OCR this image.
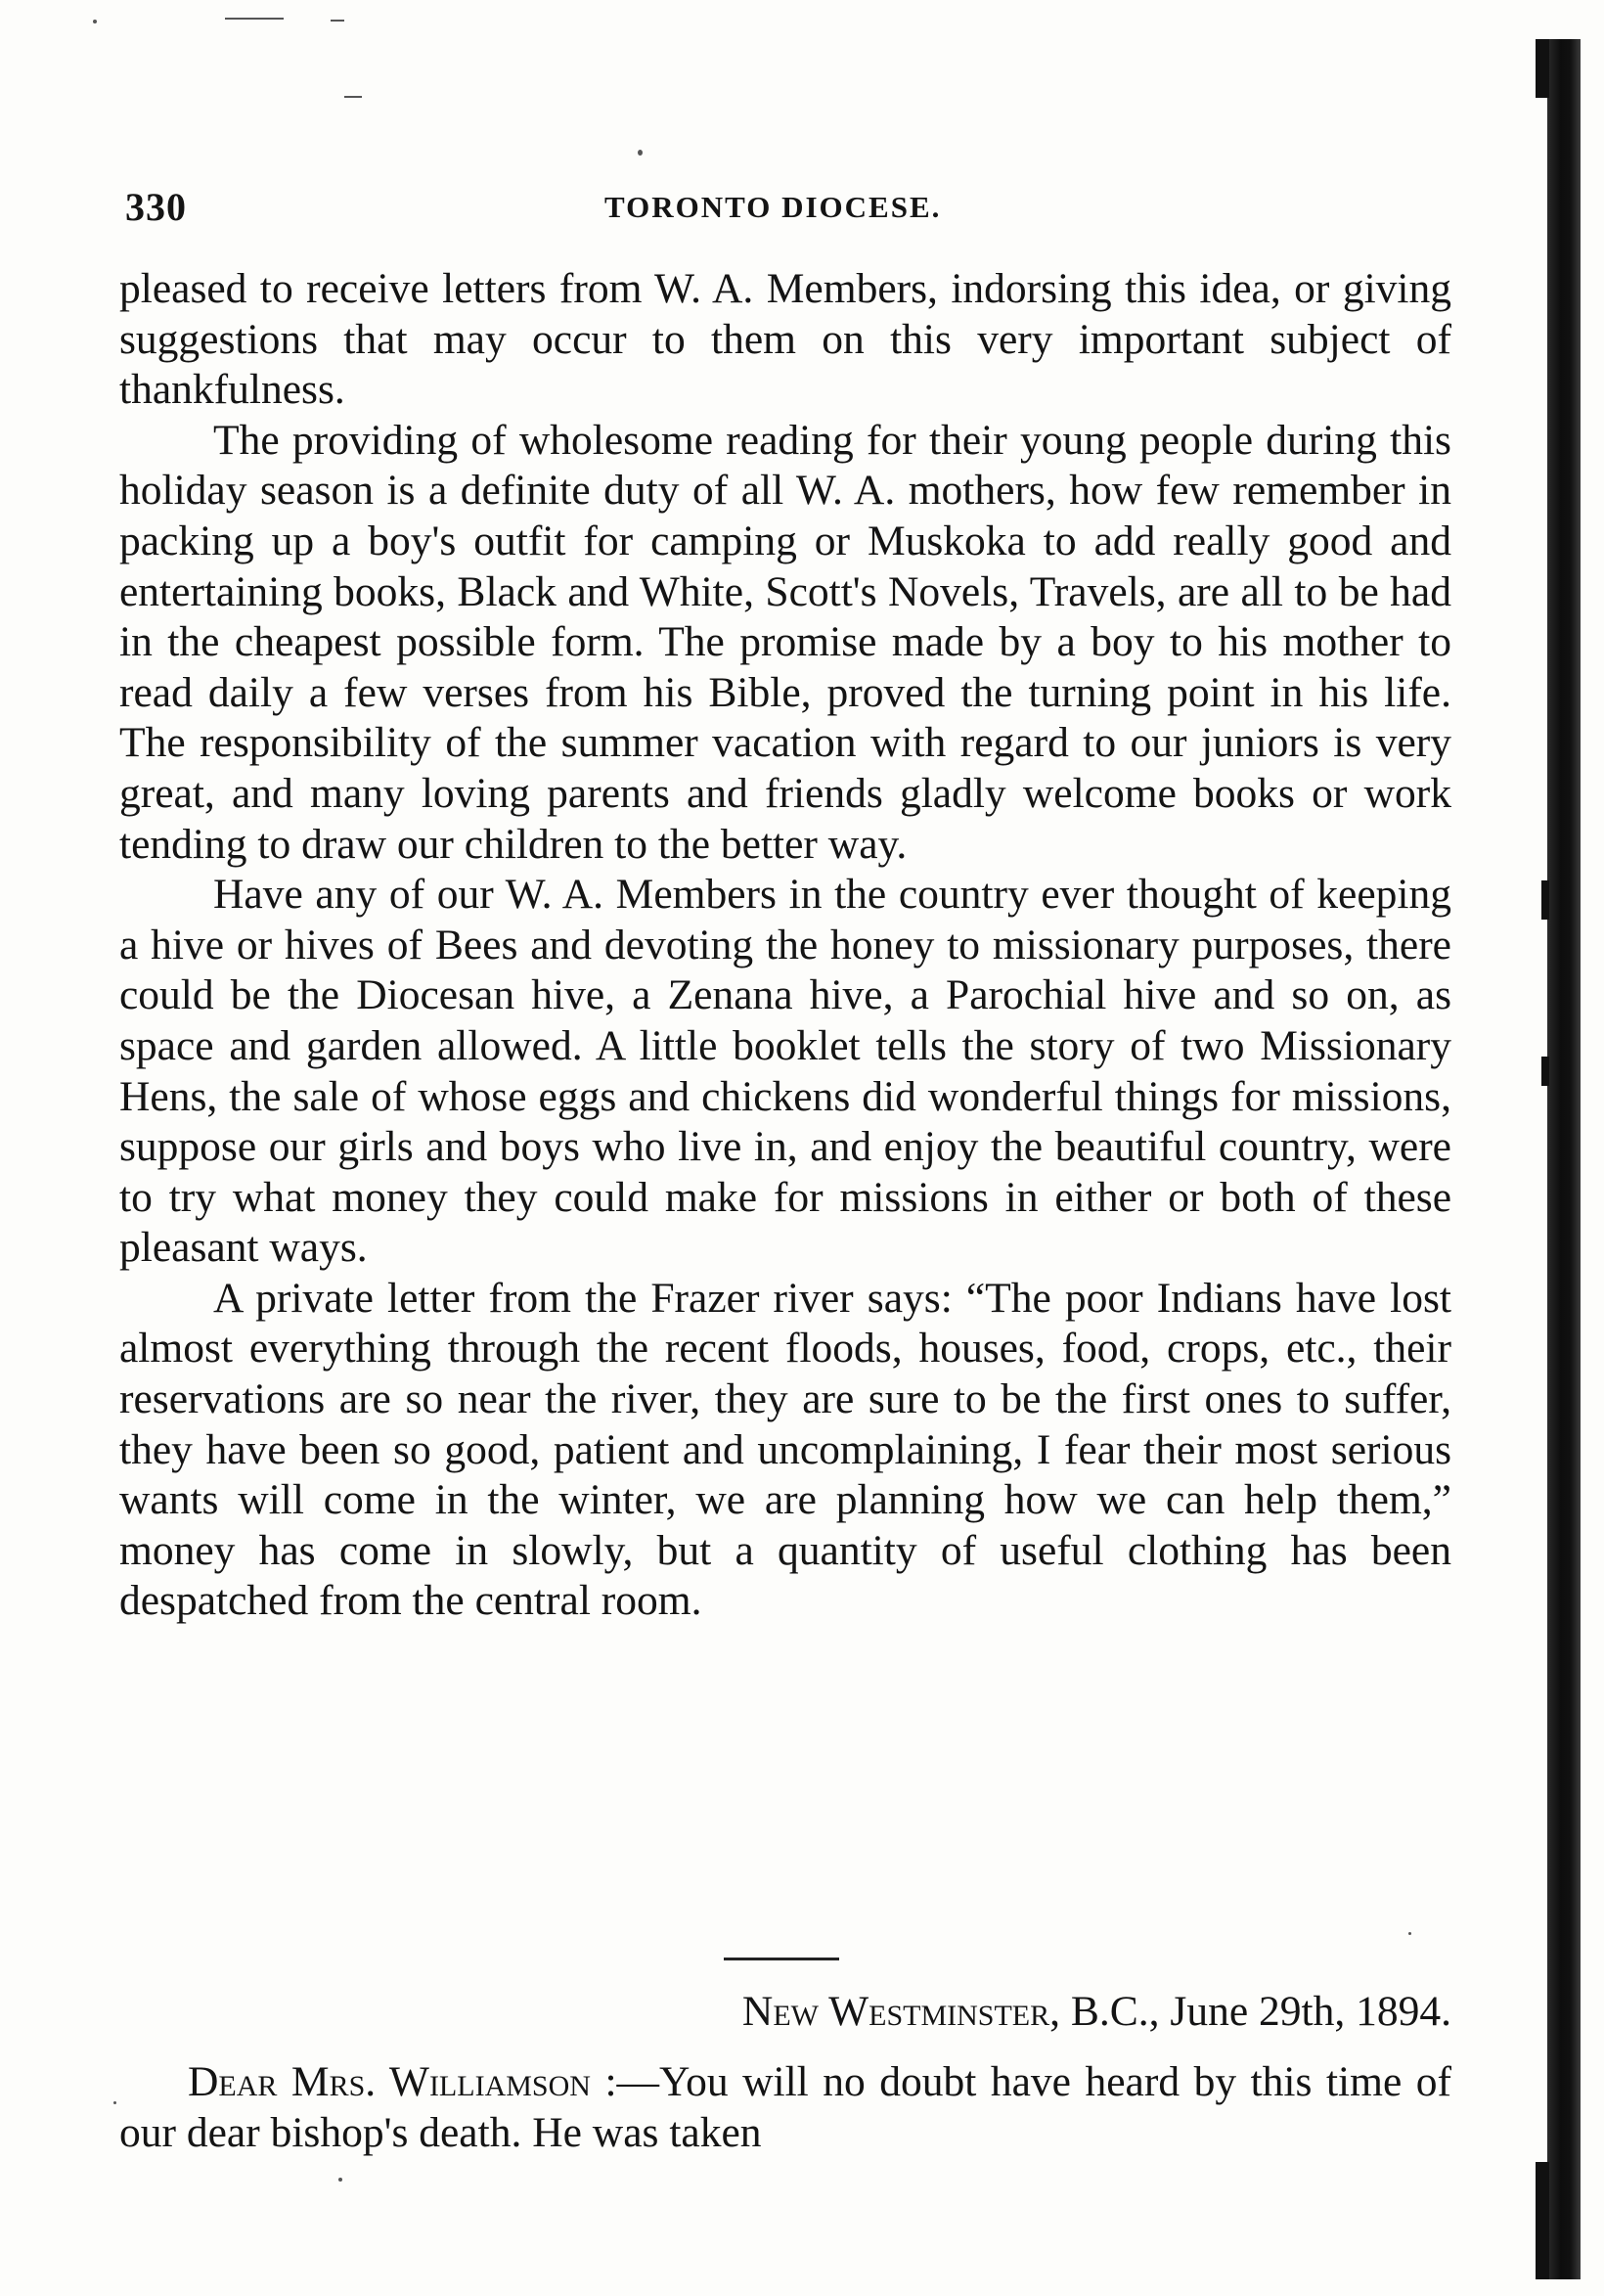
330	TORONTO DIOCESE.

pleased to receive letters from W. A. Members, indorsing this idea, or giving suggestions that may occur to them on this very important subject of thankfulness.

The providing of wholesome reading for their young people during this holiday season is a definite duty of all W. A. mothers, how few remember in packing up a boy's outfit for camping or Muskoka to add really good and entertaining books, Black and White, Scott's Novels, Travels, are all to be had in the cheapest possible form. The promise made by a boy to his mother to read daily a few verses from his Bible, proved the turning point in his life. The responsibility of the summer vacation with regard to our juniors is very great, and many loving parents and friends gladly welcome books or work tending to draw our children to the better way.

Have any of our W. A. Members in the country ever thought of keeping a hive or hives of Bees and devoting the honey to missionary purposes, there could be the Diocesan hive, a Zenana hive, a Parochial hive and so on, as space and garden allowed. A little booklet tells the story of two Missionary Hens, the sale of whose eggs and chickens did wonderful things for missions, suppose our girls and boys who live in, and enjoy the beautiful country, were to try what money they could make for missions in either or both of these pleasant ways.

A private letter from the Frazer river says: “The poor Indians have lost almost everything through the recent floods, houses, food, crops, etc., their reservations are so near the river, they are sure to be the first ones to suffer, they have been so good, patient and uncomplaining, I fear their most serious wants will come in the winter, we are planning how we can help them,” money has come in slowly, but a quantity of useful clothing has been despatched from the central room.

New Westminster, B.C., June 29th, 1894.

Dear Mrs. Williamson :—You will no doubt have heard by this time of our dear bishop's death. He was taken
